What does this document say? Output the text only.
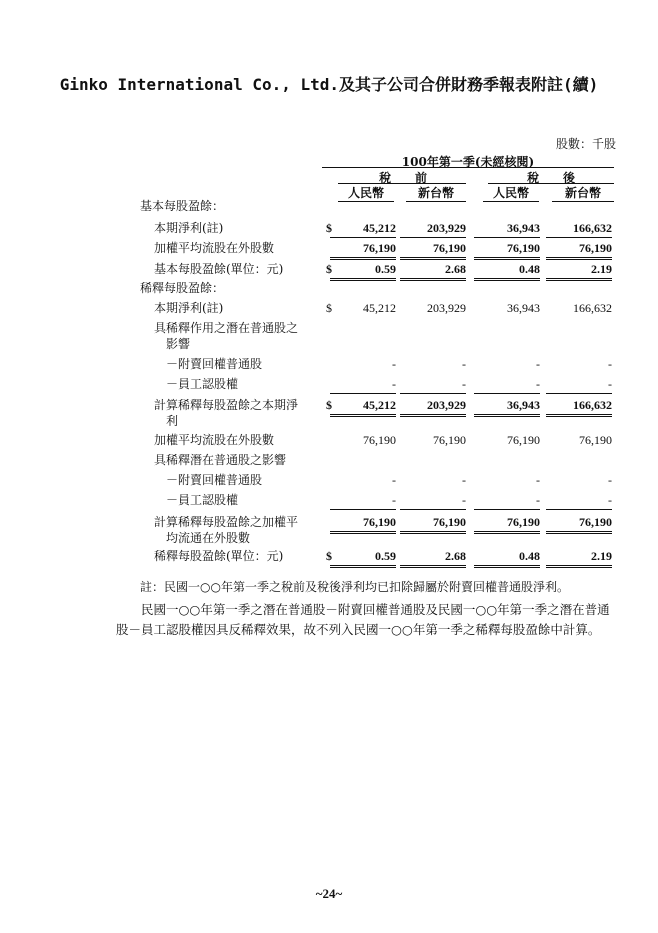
Ginko International Co., Ltd.及其子公司合併財務季報表附註(續)
股數：千股
100年第一季(未經核閱)
稅　　前	稅　　後
人民幣	新台幣	人民幣	新台幣
基本每股盈餘：
本期淨利(註)	$	45,212	203,929	36,943	166,632
加權平均流股在外股數	76,190	76,190	76,190	76,190
基本每股盈餘(單位：元)	$	0.59	2.68	0.48	2.19
稀釋每股盈餘：
本期淨利(註)	$	45,212	203,929	36,943	166,632
具稀釋作用之潛在普通股之
影響
－附賣回權普通股	-	-	-	-
－員工認股權	-	-	-	-
計算稀釋每股盈餘之本期淨
利
$	45,212	203,929	36,943	166,632
加權平均流股在外股數	76,190	76,190	76,190	76,190
具稀釋潛在普通股之影響
－附賣回權普通股	-	-	-	-
－員工認股權	-	-	-	-
計算稀釋每股盈餘之加權平
均流通在外股數
76,190	76,190	76,190	76,190
稀釋每股盈餘(單位：元)	$	0.59	2.68	0.48	2.19
註：民國一○○年第一季之稅前及稅後淨利均已扣除歸屬於附賣回權普通股淨利。
民國一○○年第一季之潛在普通股－附賣回權普通股及民國一○○年第一季之潛在普通股－員工認股權因具反稀釋效果，故不列入民國一○○年第一季之稀釋每股盈餘中計算。
~24~
